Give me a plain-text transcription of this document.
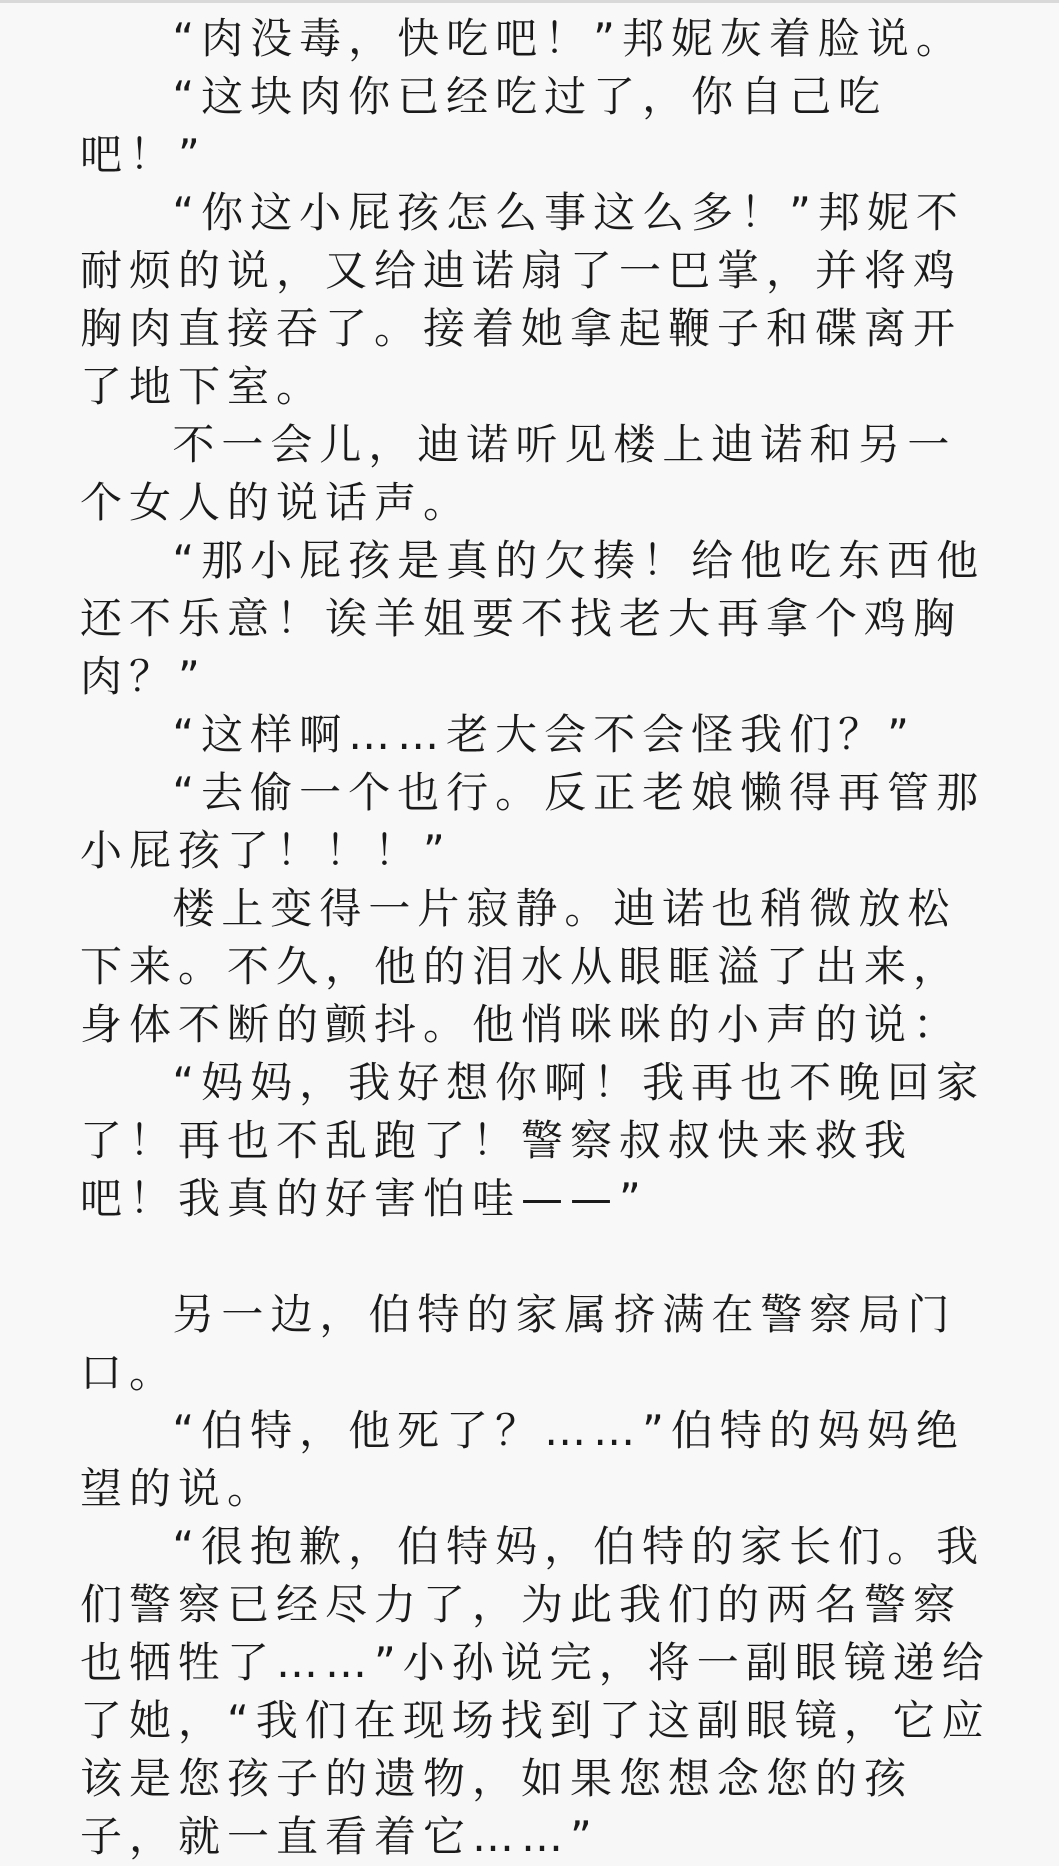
“肉没毒，快吃吧！”邦妮灰着脸说。

“这块肉你已经吃过了，你自己吃吧！”

“你这小屁孩怎么事这么多！”邦妮不耐烦的说，又给迪诺扇了一巴掌，并将鸡胸肉直接吞了。接着她拿起鞭子和碟离开了地下室。

不一会儿，迪诺听见楼上迪诺和另一个女人的说话声。

“那小屁孩是真的欠揍！给他吃东西他还不乐意！诶羊姐要不找老大再拿个鸡胸肉？”

“这样啊……老大会不会怪我们？”

“去偷一个也行。反正老娘懒得再管那小屁孩了！！！”

楼上变得一片寂静。迪诺也稍微放松下来。不久，他的泪水从眼眶溢了出来，身体不断的颤抖。他悄咪咪的小声的说：

“妈妈，我好想你啊！我再也不晚回家了！再也不乱跑了！警察叔叔快来救我吧！我真的好害怕哇——”

另一边，伯特的家属挤满在警察局门口。

“伯特，他死了？……”伯特的妈妈绝望的说。

“很抱歉，伯特妈，伯特的家长们。我们警察已经尽力了，为此我们的两名警察也牺牲了……”小孙说完，将一副眼镜递给了她，“我们在现场找到了这副眼镜，它应该是您孩子的遗物，如果您想念您的孩子，就一直看着它……”
